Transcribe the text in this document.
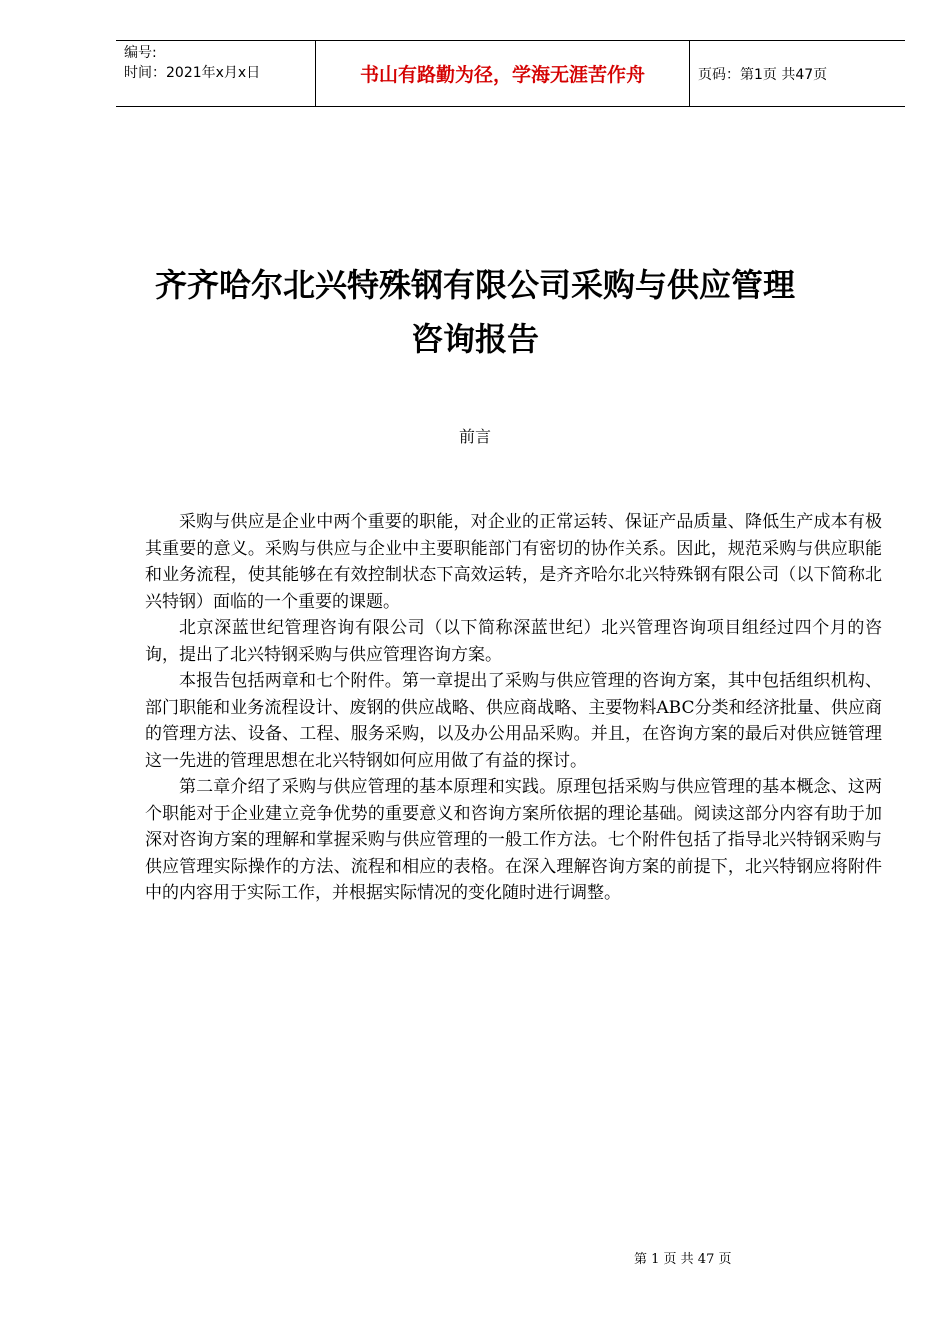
编号:
时间：2021年x月x日	书山有路勤为径，学海无涯苦作舟	页码：第1页 共47页
齐齐哈尔北兴特殊钢有限公司采购与供应管理
咨询报告

前言

采购与供应是企业中两个重要的职能，对企业的正常运转、保证产品质量、降低生产成本有极其重要的意义。采购与供应与企业中主要职能部门有密切的协作关系。因此，规范采购与供应职能和业务流程，使其能够在有效控制状态下高效运转，是齐齐哈尔北兴特殊钢有限公司（以下简称北兴特钢）面临的一个重要的课题。

北京深蓝世纪管理咨询有限公司（以下简称深蓝世纪）北兴管理咨询项目组经过四个月的咨询，提出了北兴特钢采购与供应管理咨询方案。

本报告包括两章和七个附件。第一章提出了采购与供应管理的咨询方案，其中包括组织机构、部门职能和业务流程设计、废钢的供应战略、供应商战略、主要物料ABC分类和经济批量、供应商的管理方法、设备、工程、服务采购，以及办公用品采购。并且，在咨询方案的最后对供应链管理这一先进的管理思想在北兴特钢如何应用做了有益的探讨。

第二章介绍了采购与供应管理的基本原理和实践。原理包括采购与供应管理的基本概念、这两个职能对于企业建立竞争优势的重要意义和咨询方案所依据的理论基础。阅读这部分内容有助于加深对咨询方案的理解和掌握采购与供应管理的一般工作方法。七个附件包括了指导北兴特钢采购与供应管理实际操作的方法、流程和相应的表格。在深入理解咨询方案的前提下，北兴特钢应将附件中的内容用于实际工作，并根据实际情况的变化随时进行调整。

第 1 页 共 47 页
